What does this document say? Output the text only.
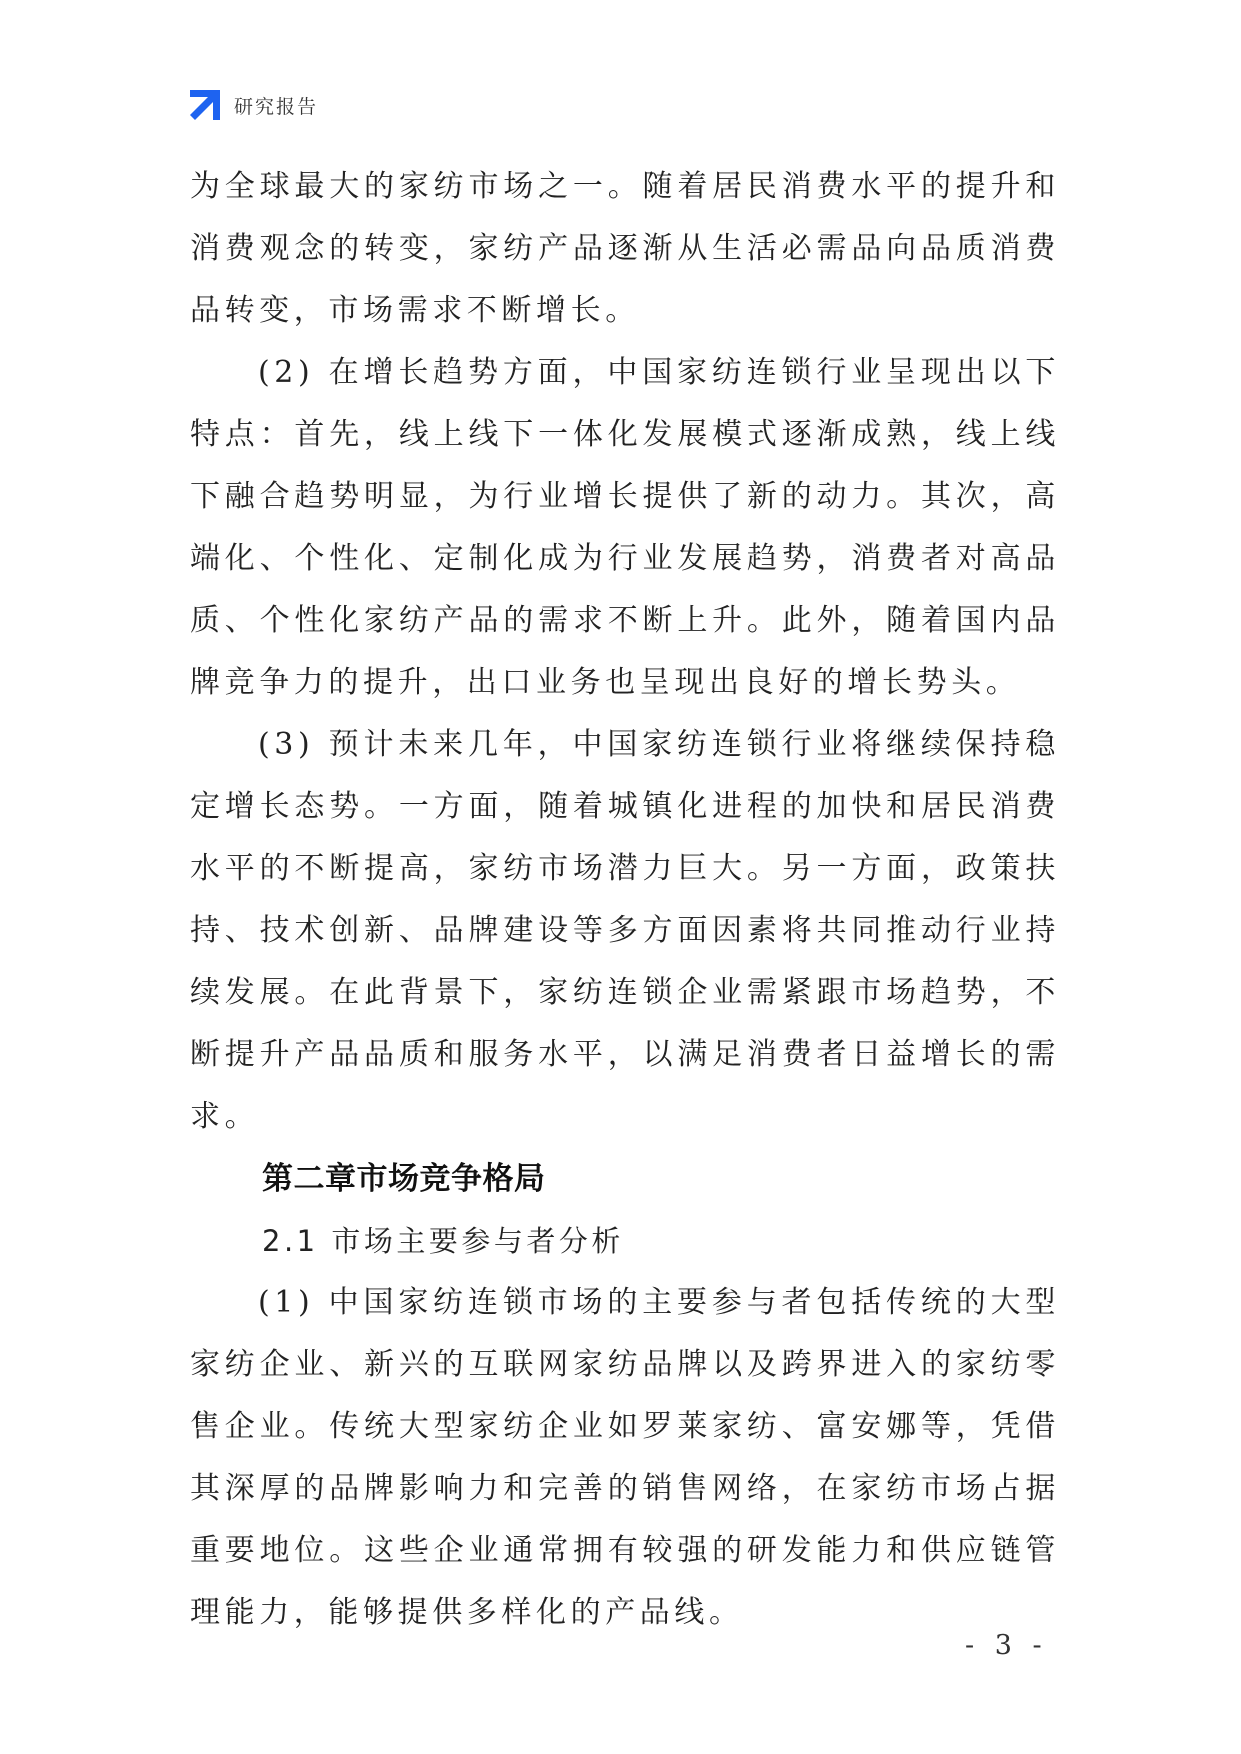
研究报告

为全球最大的家纺市场之一。随着居民消费水平的提升和消费观念的转变，家纺产品逐渐从生活必需品向品质消费品转变，市场需求不断增长。

(2) 在增长趋势方面，中国家纺连锁行业呈现出以下特点：首先，线上线下一体化发展模式逐渐成熟，线上线下融合趋势明显，为行业增长提供了新的动力。其次，高端化、个性化、定制化成为行业发展趋势，消费者对高品质、个性化家纺产品的需求不断上升。此外，随着国内品牌竞争力的提升，出口业务也呈现出良好的增长势头。

(3) 预计未来几年，中国家纺连锁行业将继续保持稳定增长态势。一方面，随着城镇化进程的加快和居民消费水平的不断提高，家纺市场潜力巨大。另一方面，政策扶持、技术创新、品牌建设等多方面因素将共同推动行业持续发展。在此背景下，家纺连锁企业需紧跟市场趋势，不断提升产品品质和服务水平，以满足消费者日益增长的需求。

第二章市场竞争格局

2.1 市场主要参与者分析

(1) 中国家纺连锁市场的主要参与者包括传统的大型家纺企业、新兴的互联网家纺品牌以及跨界进入的家纺零售企业。传统大型家纺企业如罗莱家纺、富安娜等，凭借其深厚的品牌影响力和完善的销售网络，在家纺市场占据重要地位。这些企业通常拥有较强的研发能力和供应链管理能力，能够提供多样化的产品线。

- 3 -
